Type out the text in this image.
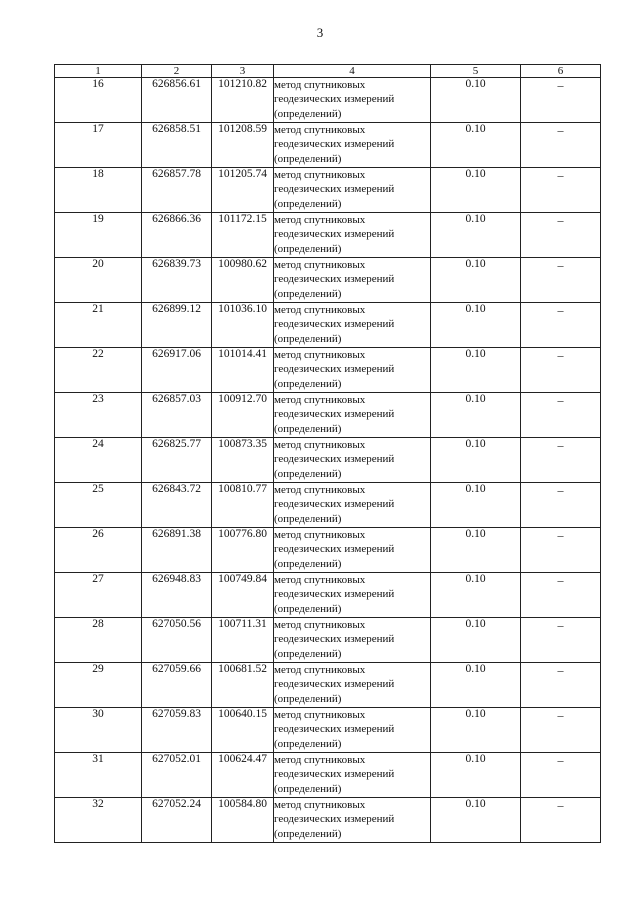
3
1	2	3	4	5	6
16	626856.61	101210.82	метод спутниковых
геодезических измерений
(определений)	0.10	–
17	626858.51	101208.59	метод спутниковых
геодезических измерений
(определений)	0.10	–
18	626857.78	101205.74	метод спутниковых
геодезических измерений
(определений)	0.10	–
19	626866.36	101172.15	метод спутниковых
геодезических измерений
(определений)	0.10	–
20	626839.73	100980.62	метод спутниковых
геодезических измерений
(определений)	0.10	–
21	626899.12	101036.10	метод спутниковых
геодезических измерений
(определений)	0.10	–
22	626917.06	101014.41	метод спутниковых
геодезических измерений
(определений)	0.10	–
23	626857.03	100912.70	метод спутниковых
геодезических измерений
(определений)	0.10	–
24	626825.77	100873.35	метод спутниковых
геодезических измерений
(определений)	0.10	–
25	626843.72	100810.77	метод спутниковых
геодезических измерений
(определений)	0.10	–
26	626891.38	100776.80	метод спутниковых
геодезических измерений
(определений)	0.10	–
27	626948.83	100749.84	метод спутниковых
геодезических измерений
(определений)	0.10	–
28	627050.56	100711.31	метод спутниковых
геодезических измерений
(определений)	0.10	–
29	627059.66	100681.52	метод спутниковых
геодезических измерений
(определений)	0.10	–
30	627059.83	100640.15	метод спутниковых
геодезических измерений
(определений)	0.10	–
31	627052.01	100624.47	метод спутниковых
геодезических измерений
(определений)	0.10	–
32	627052.24	100584.80	метод спутниковых
геодезических измерений
(определений)	0.10	–
